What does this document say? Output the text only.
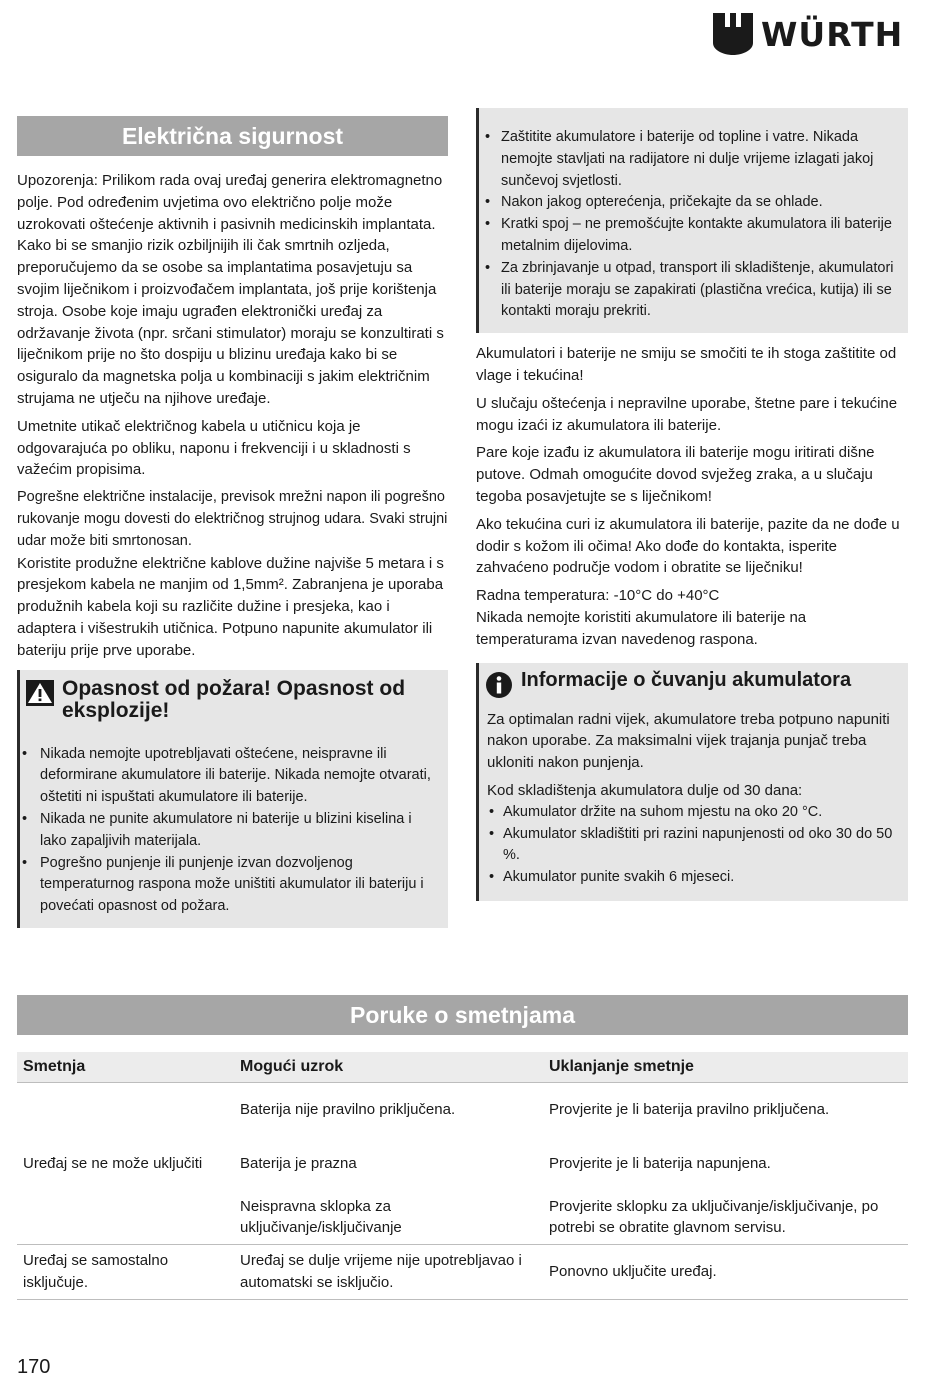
WÜRTH
Električna sigurnost

Upozorenja: Prilikom rada ovaj uređaj generira elektromagnetno polje. Pod određenim uvjetima ovo električno polje može uzrokovati oštećenje aktivnih i pasivnih medicinskih implantata. Kako bi se smanjio rizik ozbiljnijih ili čak smrtnih ozljeda, preporučujemo da se osobe sa implantatima posavjetuju sa svojim liječnikom i proizvođačem implantata, još prije korištenja stroja. Osobe koje imaju ugrađen elektronički uređaj za održavanje života (npr. srčani stimulator) moraju se konzultirati s liječnikom prije no što dospiju u blizinu uređaja kako bi se osiguralo da magnetska polja u kombinaciji s jakim električnim strujama ne utječu na njihove uređaje.

Umetnite utikač električnog kabela u utičnicu koja je odgovarajuća po obliku, naponu i frekvenciji i u skladnosti s važećim propisima.

Pogrešne električne instalacije, previsok mrežni napon ili pogrešno rukovanje mogu dovesti do električnog strujnog udara. Svaki strujni udar može biti smrtonosan.

Koristite produžne električne kablove dužine najviše 5 metara i s presjekom kabela ne manjim od 1,5mm². Zabranjena je uporaba produžnih kabela koji su različite dužine i presjeka, kao i adaptera i višestrukih utičnica. Potpuno napunite akumulator ili bateriju prije prve uporabe.

Opasnost od požara! Opasnost od eksplozije!
• Nikada nemojte upotrebljavati oštećene, neispravne ili deformirane akumulatore ili baterije. Nikada nemojte otvarati, oštetiti ni ispuštati akumulatore ili baterije.
• Nikada ne punite akumulatore ni baterije u blizini kiselina i lako zapaljivih materijala.
• Pogrešno punjenje ili punjenje izvan dozvoljenog temperaturnog raspona može uništiti akumulator ili bateriju i povećati opasnost od požara.
• Zaštitite akumulatore i baterije od topline i vatre. Nikada nemojte stavljati na radijatore ni dulje vrijeme izlagati jakoj sunčevoj svjetlosti.
• Nakon jakog opterećenja, pričekajte da se ohlade.
• Kratki spoj – ne premošćujte kontakte akumulatora ili baterije metalnim dijelovima.
• Za zbrinjavanje u otpad, transport ili skladištenje, akumulatori ili baterije moraju se zapakirati (plastična vrećica, kutija) ili se kontakti moraju prekriti.

Akumulatori i baterije ne smiju se smočiti te ih stoga zaštitite od vlage i tekućina!

U slučaju oštećenja i nepravilne uporabe, štetne pare i tekućine mogu izaći iz akumulatora ili baterije.

Pare koje izađu iz akumulatora ili baterije mogu iritirati dišne putove. Odmah omogućite dovod svježeg zraka, a u slučaju tegoba posavjetujte se s liječnikom!

Ako tekućina curi iz akumulatora ili baterije, pazite da ne dođe u dodir s kožom ili očima! Ako dođe do kontakta, isperite zahvaćeno područje vodom i obratite se liječniku!

Radna temperatura: -10°C do +40°C

Nikada nemojte koristiti akumulatore ili baterije na temperaturama izvan navedenog raspona.

Informacije o čuvanju akumulatora

Za optimalan radni vijek, akumulatore treba potpuno napuniti nakon uporabe. Za maksimalni vijek trajanja punjač treba ukloniti nakon punjenja.

Kod skladištenja akumulatora dulje od 30 dana:

• Akumulator držite na suhom mjestu na oko 20 °C.
• Akumulator skladištiti pri razini napunjenosti od oko 30 do 50 %.
• Akumulator punite svakih 6 mjeseci.
Poruke o smetnjama
Smetnja	Mogući uzrok	Uklanjanje smetnje
	Baterija nije pravilno priključena.	Provjerite je li baterija pravilno priključena.
Uređaj se ne može uključiti	Baterija je prazna	Provjerite je li baterija napunjena.
	Neispravna sklopka za uključivanje/isključivanje	Provjerite sklopku za uključivanje/isključivanje, po potrebi se obratite glavnom servisu.
Uređaj se samostalno isključuje.	Uređaj se dulje vrijeme nije upotrebljavao i automatski se isključio.	Ponovno uključite uređaj.
170
